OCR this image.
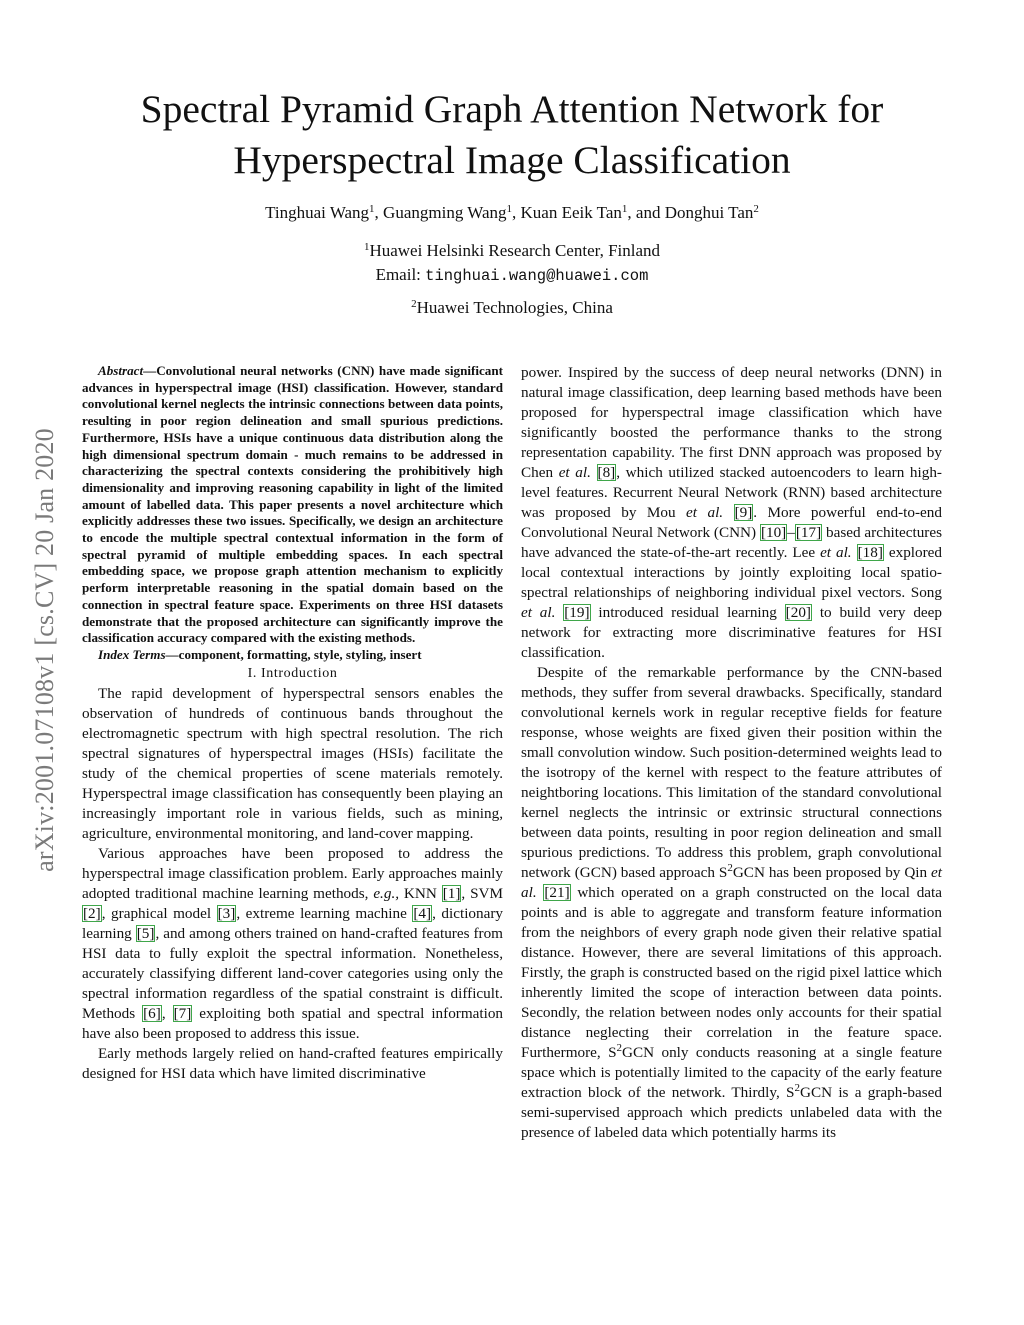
Spectral Pyramid Graph Attention Network for
Hyperspectral Image Classification
Tinghuai Wang$^1$, Guangming Wang$^1$, Kuan Eeik Tan$^1$, and Donghui Tan$^2$
$^1$Huawei Helsinki Research Center, Finland
Email: tinghuai.wang@huawei.com
$^2$Huawei Technologies, China
arXiv:2001.07108v1 [cs.CV] 20 Jan 2020

Abstract—Convolutional neural networks (CNN) have made significant advances in hyperspectral image (HSI) classification. However, standard convolutional kernel neglects the intrinsic connections between data points, resulting in poor region delineation and small spurious predictions. Furthermore, HSIs have a unique continuous data distribution along the high dimensional spectrum domain - much remains to be addressed in characterizing the spectral contexts considering the prohibitively high dimensionality and improving reasoning capability in light of the limited amount of labelled data. This paper presents a novel architecture which explicitly addresses these two issues. Specifically, we design an architecture to encode the multiple spectral contextual information in the form of spectral pyramid of multiple embedding spaces. In each spectral embedding space, we propose graph attention mechanism to explicitly perform interpretable reasoning in the spatial domain based on the connection in spectral feature space. Experiments on three HSI datasets demonstrate that the proposed architecture can significantly improve the classification accuracy compared with the existing methods.

Index Terms—component, formatting, style, styling, insert

I. Introduction

The rapid development of hyperspectral sensors enables the observation of hundreds of continuous bands throughout the electromagnetic spectrum with high spectral resolution. The rich spectral signatures of hyperspectral images (HSIs) facilitate the study of the chemical properties of scene materials remotely. Hyperspectral image classification has consequently been playing an increasingly important role in various fields, such as mining, agriculture, environmental monitoring, and land-cover mapping.

Various approaches have been proposed to address the hyperspectral image classification problem. Early approaches mainly adopted traditional machine learning methods, e.g., KNN [1], SVM [2], graphical model [3], extreme learning machine [4], dictionary learning [5], and among others trained on hand-crafted features from HSI data to fully exploit the spectral information. Nonetheless, accurately classifying different land-cover categories using only the spectral information regardless of the spatial constraint is difficult. Methods [6], [7] exploiting both spatial and spectral information have also been proposed to address this issue.

Early methods largely relied on hand-crafted features empirically designed for HSI data which have limited discriminative

power. Inspired by the success of deep neural networks (DNN) in natural image classification, deep learning based methods have been proposed for hyperspectral image classification which have significantly boosted the performance thanks to the strong representation capability. The first DNN approach was proposed by Chen et al. [8], which utilized stacked autoencoders to learn high-level features. Recurrent Neural Network (RNN) based architecture was proposed by Mou et al. [9]. More powerful end-to-end Convolutional Neural Network (CNN) [10]–[17] based architectures have advanced the state-of-the-art recently. Lee et al. [18] explored local contextual interactions by jointly exploiting local spatio-spectral relationships of neighboring individual pixel vectors. Song et al. [19] introduced residual learning [20] to build very deep network for extracting more discriminative features for HSI classification.

Despite of the remarkable performance by the CNN-based methods, they suffer from several drawbacks. Specifically, standard convolutional kernels work in regular receptive fields for feature response, whose weights are fixed given their position within the small convolution window. Such position-determined weights lead to the isotropy of the kernel with respect to the feature attributes of neightboring locations. This limitation of the standard convolutional kernel neglects the intrinsic or extrinsic structural connections between data points, resulting in poor region delineation and small spurious predictions. To address this problem, graph convolutional network (GCN) based approach $S^2GCN$ has been proposed by Qin et al. [21] which operated on a graph constructed on the local data points and is able to aggregate and transform feature information from the neighbors of every graph node given their relative spatial distance. However, there are several limitations of this approach. Firstly, the graph is constructed based on the rigid pixel lattice which inherently limited the scope of interaction between data points. Secondly, the relation between nodes only accounts for their spatial distance neglecting their correlation in the feature space. Furthermore, $S^2GCN$ only conducts reasoning at a single feature space which is potentially limited to the capacity of the early feature extraction block of the network. Thirdly, $S^2GCN$ is a graph-based semi-supervised approach which predicts unlabeled data with the presence of labeled data which potentially harms its
